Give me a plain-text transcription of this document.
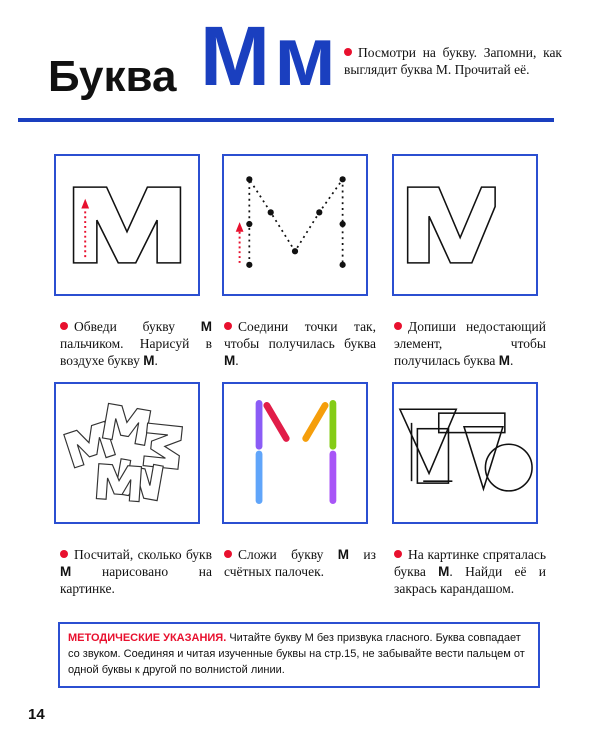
Буква Мм	Посмотри на букву. Запомни, как выглядит буква М. Прочитай её.
Обведи букву М пальчиком. Нарисуй в воздухе букву М.
Соедини точки так, чтобы получилась буква М.
Допиши недостающий элемент, чтобы получилась буква М.
Посчитай, сколько букв М нарисовано на картинке.
Сложи букву М из счётных палочек.
На картинке спряталась буква М. Найди её и закрась карандашом.
МЕТОДИЧЕСКИЕ УКАЗАНИЯ. Читайте букву М без призвука гласного. Буква совпадает со звуком. Соединяя и читая изученные буквы на стр.15, не забывайте вести пальцем от одной буквы к другой по волнистой линии.
14
